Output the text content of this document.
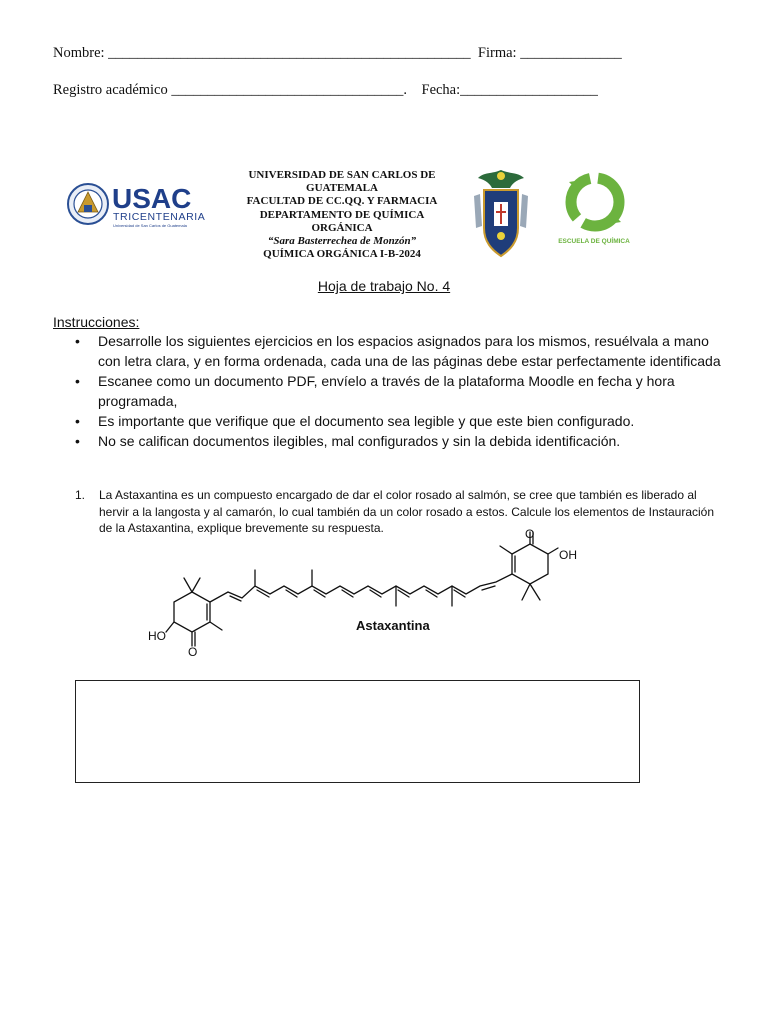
Nombre: __________________________________________________ Firma: ______________
Registro académico ________________________________. Fecha:___________________
USAC
TRICENTENARIA
Universidad de San Carlos de Guatemala
UNIVERSIDAD DE SAN CARLOS DE
GUATEMALA
FACULTAD DE CC.QQ. Y FARMACIA
DEPARTAMENTO DE QUÍMICA
ORGÁNICA
“Sara Basterrechea de Monzón”
QUÍMICA ORGÁNICA I-B-2024
ESCUELA DE QUÍMICA
Hoja de trabajo No. 4
Instrucciones:
• Desarrolle los siguientes ejercicios en los espacios asignados para los mismos, resuélvala a mano con letra clara, y en forma ordenada, cada una de las páginas debe estar perfectamente identificada
• Escanee como un documento PDF, envíelo a través de la plataforma Moodle en fecha y hora programada,
• Es importante que verifique que el documento sea legible y que este bien configurado.
• No se califican documentos ilegibles, mal configurados y sin la debida identificación.
1.	La Astaxantina es un compuesto encargado de dar el color rosado al salmón, se cree que también es liberado al hervir a la langosta y al camarón, lo cual también da un color rosado a estos. Calcule los elementos de Instauración de la Astaxantina, explique brevemente su respuesta.
HO
O
O
OH
Astaxantina
